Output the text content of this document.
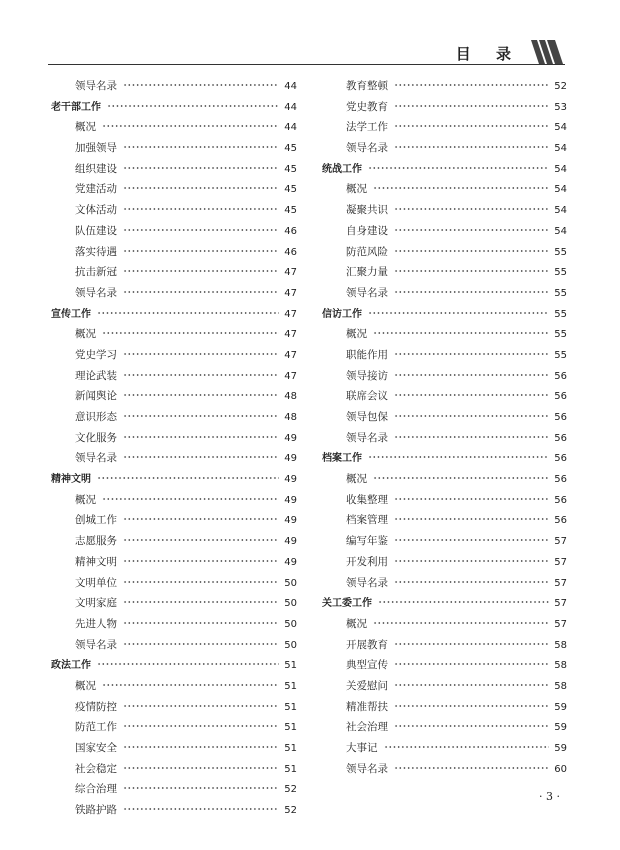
目 录
领导名录	44
老干部工作	44
概况	44
加强领导	45
组织建设	45
党建活动	45
文体活动	45
队伍建设	46
落实待遇	46
抗击新冠	47
领导名录	47
宣传工作	47
概况	47
党史学习	47
理论武装	47
新闻舆论	48
意识形态	48
文化服务	49
领导名录	49
精神文明	49
概况	49
创城工作	49
志愿服务	49
精神文明	49
文明单位	50
文明家庭	50
先进人物	50
领导名录	50
政法工作	51
概况	51
疫情防控	51
防范工作	51
国家安全	51
社会稳定	51
综合治理	52
铁路护路	52
教育整顿	52
党史教育	53
法学工作	54
领导名录	54
统战工作	54
概况	54
凝聚共识	54
自身建设	54
防范风险	55
汇聚力量	55
领导名录	55
信访工作	55
概况	55
职能作用	55
领导接访	56
联席会议	56
领导包保	56
领导名录	56
档案工作	56
概况	56
收集整理	56
档案管理	56
编写年鉴	57
开发利用	57
领导名录	57
关工委工作	57
概况	57
开展教育	58
典型宣传	58
关爱慰问	58
精准帮扶	59
社会治理	59
大事记	59
领导名录	60
· 3 ·
